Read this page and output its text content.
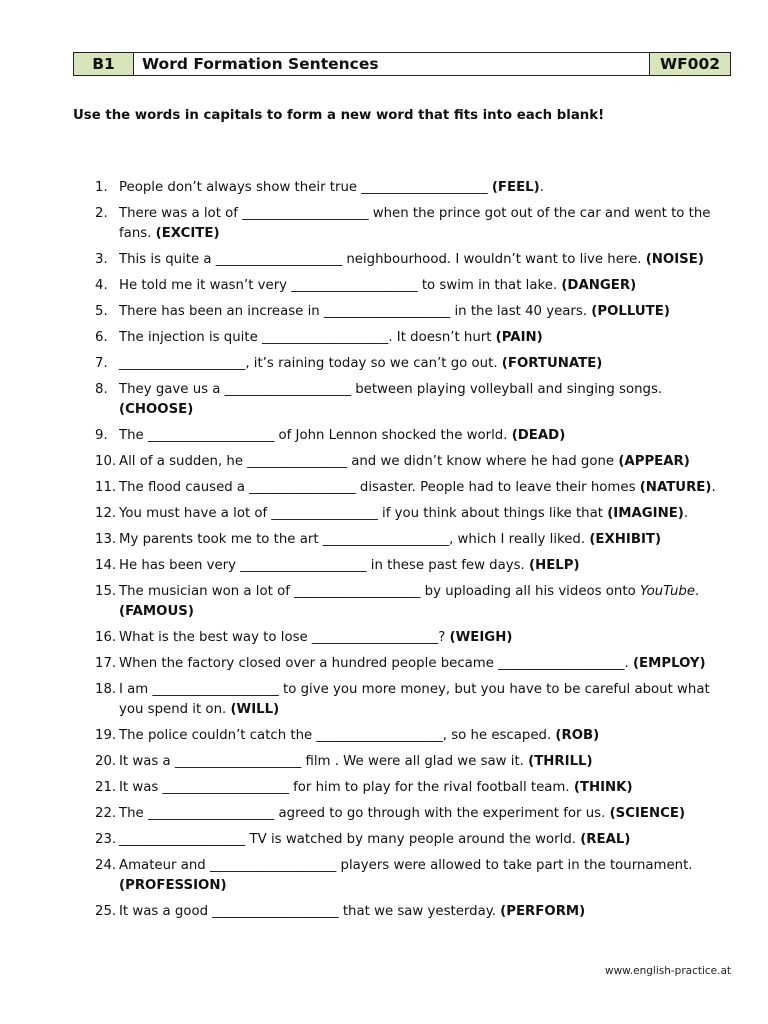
B1	Word Formation Sentences	WF002
Use the words in capitals to form a new word that fits into each blank!
1. People don’t always show their true ___________________ (FEEL).
2. There was a lot of ___________________ when the prince got out of the car and went to the fans. (EXCITE)
3. This is quite a ___________________ neighbourhood. I wouldn’t want to live here. (NOISE)
4. He told me it wasn’t very ___________________ to swim in that lake. (DANGER)
5. There has been an increase in ___________________ in the last 40 years. (POLLUTE)
6. The injection is quite ___________________. It doesn’t hurt (PAIN)
7. ___________________, it’s raining today so we can’t go out. (FORTUNATE)
8. They gave us a ___________________ between playing volleyball and singing songs. (CHOOSE)
9. The ___________________ of John Lennon shocked the world. (DEAD)
10. All of a sudden, he _______________ and we didn’t know where he had gone (APPEAR)
11. The flood caused a ________________ disaster. People had to leave their homes (NATURE).
12. You must have a lot of ________________ if you think about things like that (IMAGINE).
13. My parents took me to the art ___________________, which I really liked. (EXHIBIT)
14. He has been very ___________________ in these past few days. (HELP)
15. The musician won a lot of ___________________ by uploading all his videos onto YouTube. (FAMOUS)
16. What is the best way to lose ___________________? (WEIGH)
17. When the factory closed over a hundred people became ___________________. (EMPLOY)
18. I am ___________________ to give you more money, but you have to be careful about what you spend it on. (WILL)
19. The police couldn’t catch the ___________________, so he escaped. (ROB)
20. It was a ___________________ film . We were all glad we saw it. (THRILL)
21. It was ___________________ for him to play for the rival football team. (THINK)
22. The ___________________ agreed to go through with the experiment for us. (SCIENCE)
23. ___________________ TV is watched by many people around the world. (REAL)
24. Amateur and ___________________ players were allowed to take part in the tournament. (PROFESSION)
25. It was a good ___________________ that we saw yesterday. (PERFORM)
www.english-practice.at
